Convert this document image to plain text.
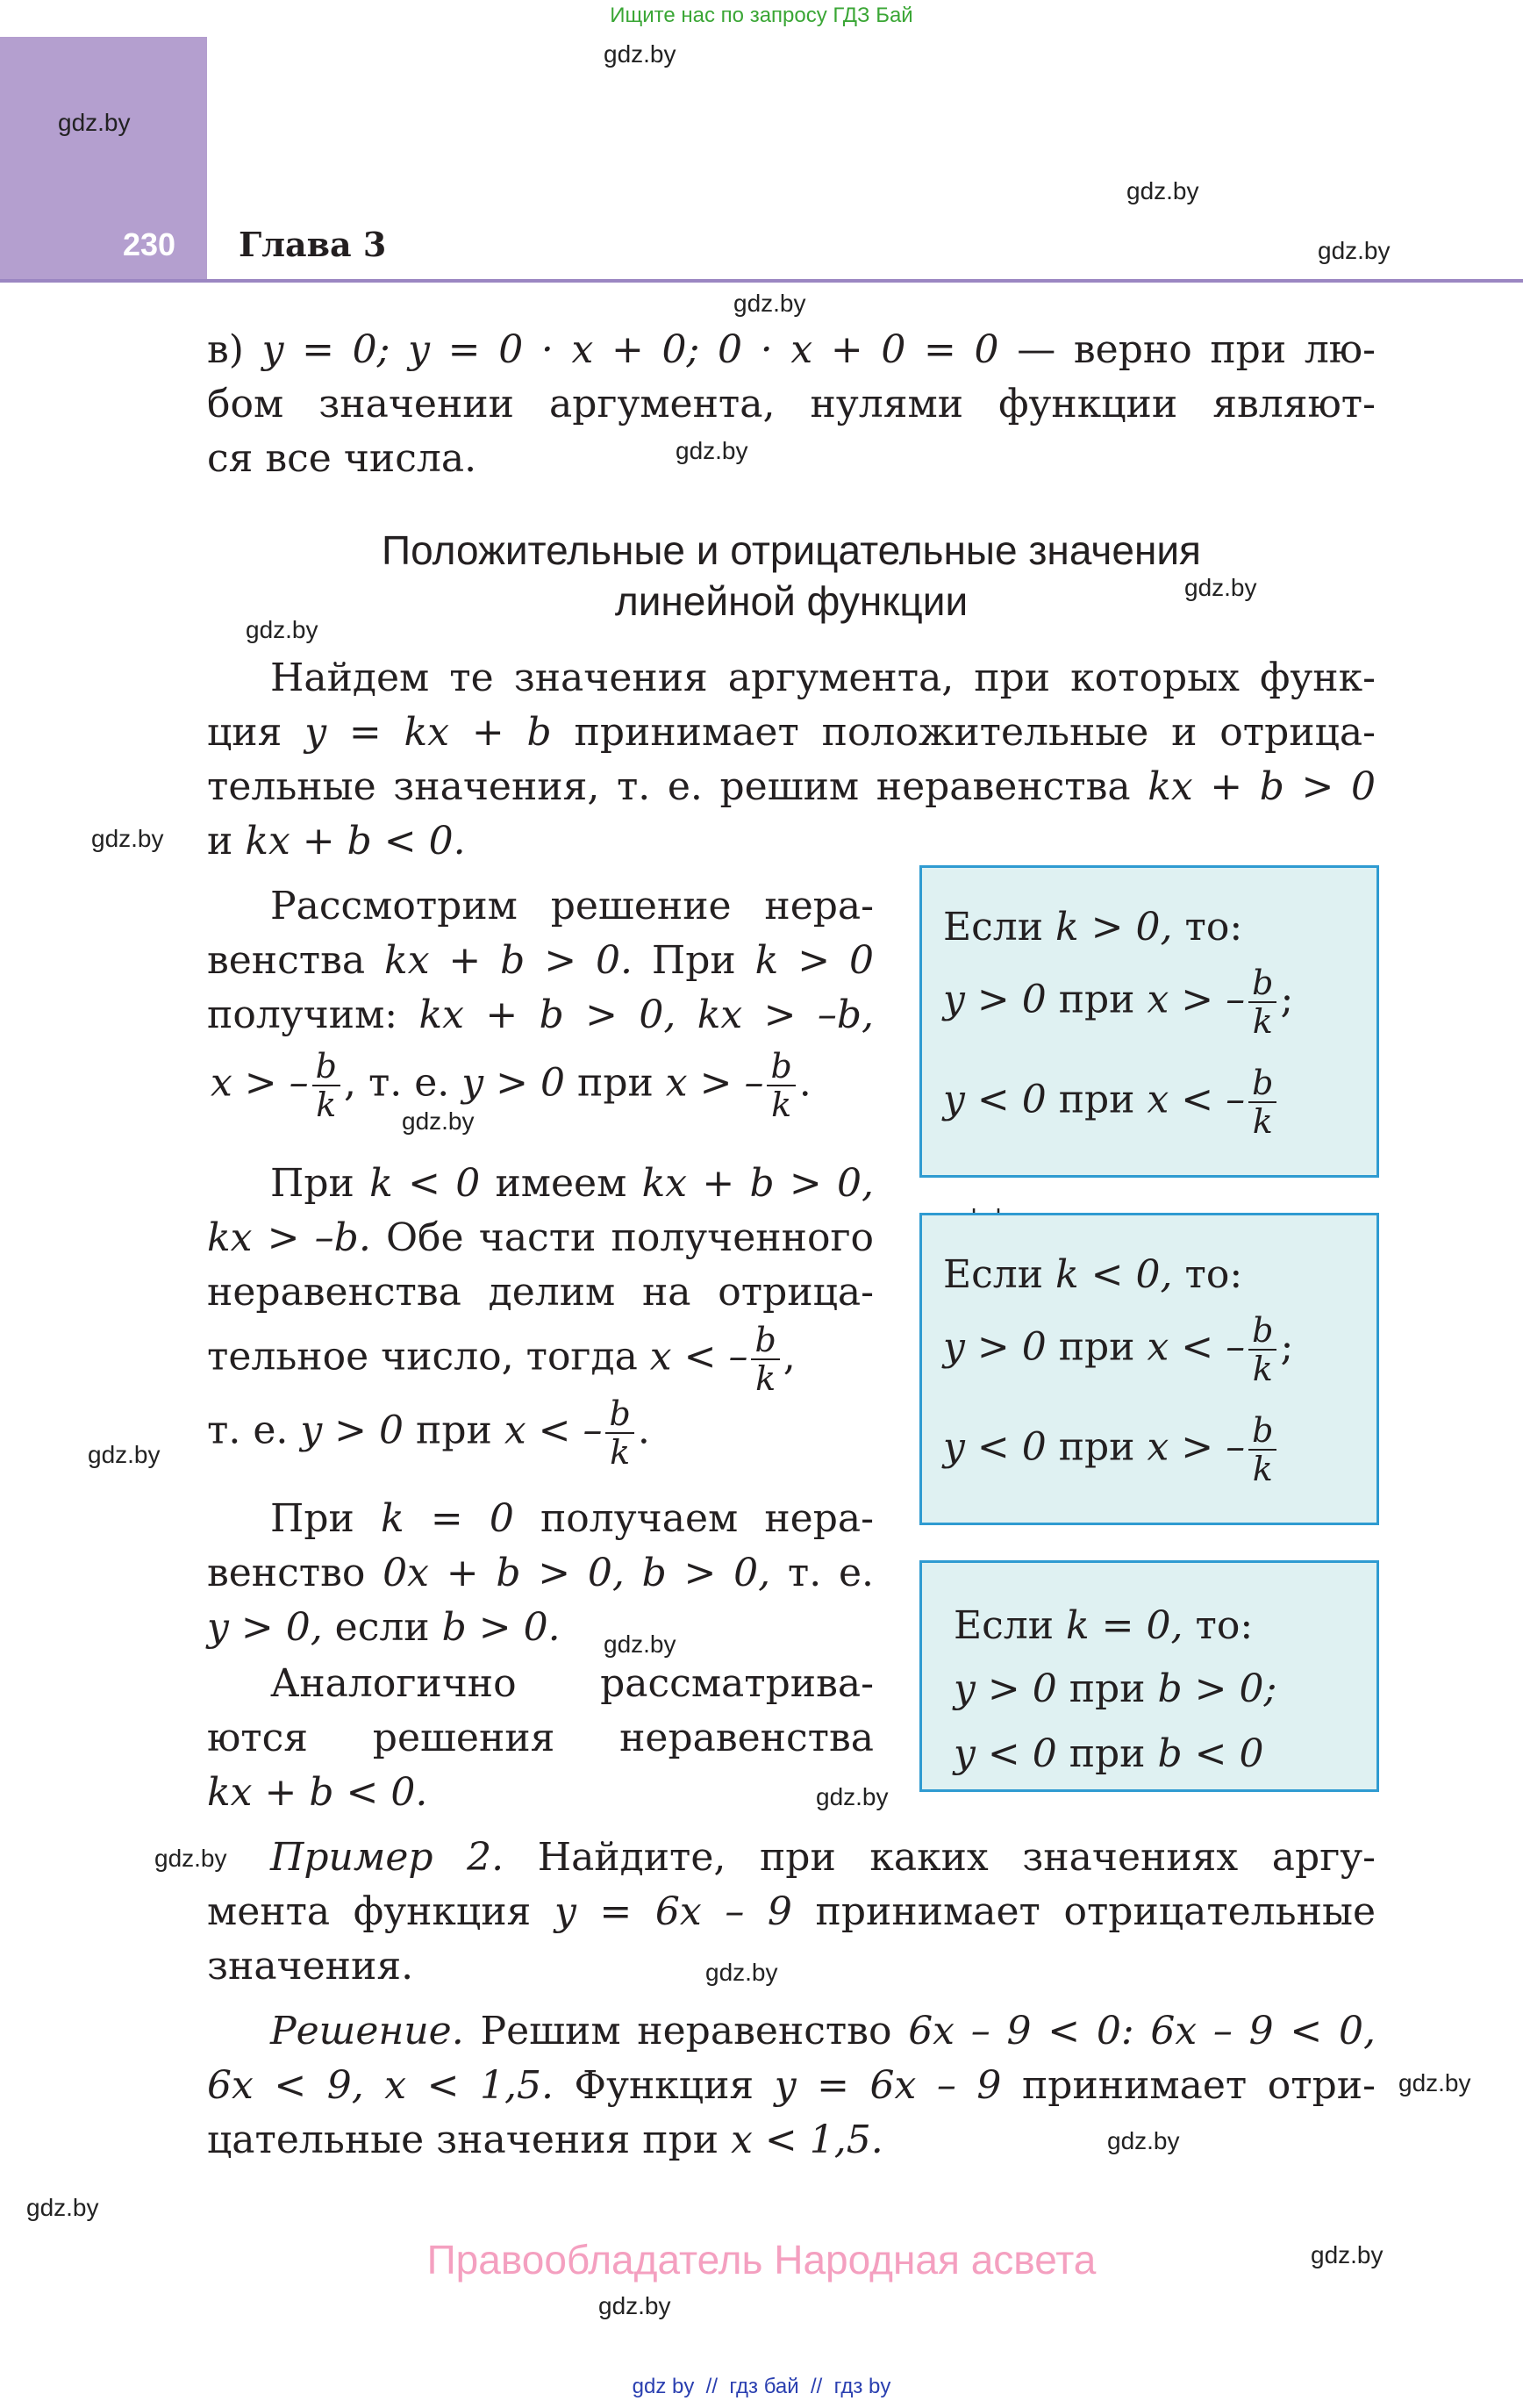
Ищите нас по запросу ГДЗ Бай
230 Глава 3
gdz.by
gdz.by
gdz.by
gdz.by
gdz.by
gdz.by
gdz.by
gdz.by
gdz.by
gdz.by
gdz.by
gdz.by
gdz.by
gdz.by
gdz.by
gdz.by
gdz.by
gdz.by
gdz.by
gdz.by
в) y = 0; y = 0 · x + 0; 0 · x + 0 = 0 — верно при лю-
бом значении аргумента, нулями функции являют-
ся все числа.
Положительные и отрицательные значения
линейной функции
Найдем те значения аргумента, при которых функ-
ция y = kx + b принимает положительные и отрица-
тельные значения, т. е. решим неравенства kx + b > 0
и kx + b < 0.
Рассмотрим решение нера-
венства kx + b > 0. При k > 0
получим: kx + b > 0, kx > –b,
x > – $\frac{b}{k}$ , т. е. y > 0 при x > – $\frac{b}{k}$ .
При k < 0 имеем kx + b > 0,
kx > –b. Обе части полученного
неравенства делим на отрица-
тельное число, тогда x < – $\frac{b}{k}$ ,
т. е. y > 0 при x < – $\frac{b}{k}$ .
При k = 0 получаем нера-
венство 0x + b > 0, b > 0, т. е.
y > 0, если b > 0.
Аналогично рассматрива-
ются решения неравенства
kx + b < 0.
Если k > 0, то:
y > 0 при x > – $\frac{b}{k}$ ;
y < 0 при x < – $\frac{b}{k}$
Если k < 0, то:
y > 0 при x < – $\frac{b}{k}$ ;
y < 0 при x > – $\frac{b}{k}$
Если k = 0, то:
y > 0 при b > 0;
y < 0 при b < 0
Пример 2. Найдите, при каких значениях аргу-
мента функция y = 6x – 9 принимает отрицательные
значения.
Решение. Решим неравенство 6x – 9 < 0: 6x – 9 < 0,
6x < 9, x < 1,5. Функция y = 6x – 9 принимает отри-
цательные значения при x < 1,5.
Правообладатель Народная асвета
gdz by  //  гдз бай  //  гдз by
